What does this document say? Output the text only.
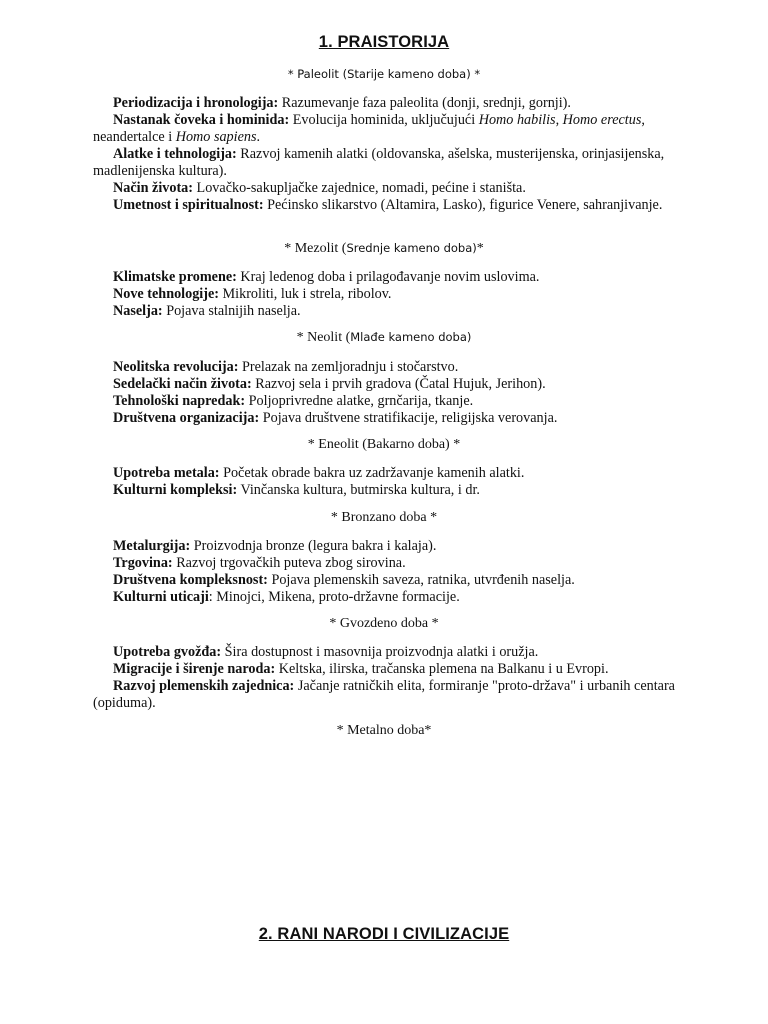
1. PRAISTORIJA
* Paleolit (Starije kameno doba) *

Periodizacija i hronologija: Razumevanje faza paleolita (donji, srednji, gornji).

Nastanak čoveka i hominida: Evolucija hominida, uključujući Homo habilis, Homo erectus, neandertalce i Homo sapiens.

Alatke i tehnologija: Razvoj kamenih alatki (oldovanska, ašelska, musterijenska, orinjasijenska, madlenijenska kultura).

Način života: Lovačko-sakupljačke zajednice, nomadi, pećine i staništa.

Umetnost i spiritualnost: Pećinsko slikarstvo (Altamira, Lasko), figurice Venere, sahranjivanje.

* Mezolit (Srednje kameno doba)*

Klimatske promene: Kraj ledenog doba i prilagođavanje novim uslovima.

Nove tehnologije: Mikroliti, luk i strela, ribolov.

Naselja: Pojava stalnijih naselja.

* Neolit (Mlađe kameno doba)

Neolitska revolucija: Prelazak na zemljoradnju i stočarstvo.

Sedelački način života: Razvoj sela i prvih gradova (Čatal Hujuk, Jerihon).

Tehnološki napredak: Poljoprivredne alatke, grnčarija, tkanje.

Društvena organizacija: Pojava društvene stratifikacije, religijska verovanja.

* Eneolit (Bakarno doba) *

Upotreba metala: Početak obrade bakra uz zadržavanje kamenih alatki.

Kulturni kompleksi: Vinčanska kultura, butmirska kultura, i dr.

* Bronzano doba *

Metalurgija: Proizvodnja bronze (legura bakra i kalaja).

Trgovina: Razvoj trgovačkih puteva zbog sirovina.

Društvena kompleksnost: Pojava plemenskih saveza, ratnika, utvrđenih naselja.

Kulturni uticaji: Minojci, Mikena, proto-državne formacije.

* Gvozdeno doba *

Upotreba gvožđa: Šira dostupnost i masovnija proizvodnja alatki i oružja.

Migracije i širenje naroda: Keltska, ilirska, tračanska plemena na Balkanu i u Evropi.

Razvoj plemenskih zajednica: Jačanje ratničkih elita, formiranje "proto-država" i urbanih centara (opiduma).

* Metalno doba*
2. RANI NARODI I CIVILIZACIJE
